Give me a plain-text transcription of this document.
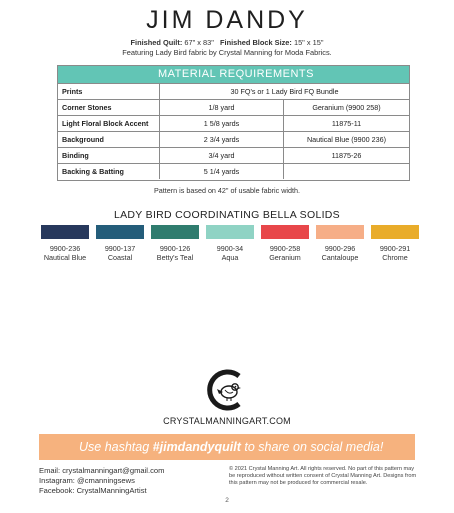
JIM DANDY
Finished Quilt: 67" x 83" Finished Block Size: 15" x 15"
Featuring Lady Bird fabric by Crystal Manning for Moda Fabrics.
MATERIAL REQUIREMENTS
Prints	30 FQ's or 1 Lady Bird FQ Bundle
Corner Stones	1/8 yard	Geranium (9900 258)
Light Floral Block Accent	1 5/8 yards	11875-11
Background	2 3/4 yards	Nautical Blue (9900 236)
Binding	3/4 yard	11875-26
Backing & Batting	5 1/4 yards
Pattern is based on 42" of usable fabric width.
LADY BIRD COORDINATING BELLA SOLIDS
9900-236
Nautical Blue
9900-137
Coastal
9900-126
Betty's Teal
9900-34
Aqua
9900-258
Geranium
9900-296
Cantaloupe
9900-291
Chrome
CRYSTALMANNINGART.COM
Use hashtag #jimdandyquilt to share on social media!
Email: crystalmanningart@gmail.com
Instagram: @cmanningsews
Facebook: CrystalManningArtist
© 2021 Crystal Manning Art. All rights reserved. No part of this pattern may be reproduced without written consent of Crystal Manning Art. Designs from this pattern may not be produced for commercial resale.
2
